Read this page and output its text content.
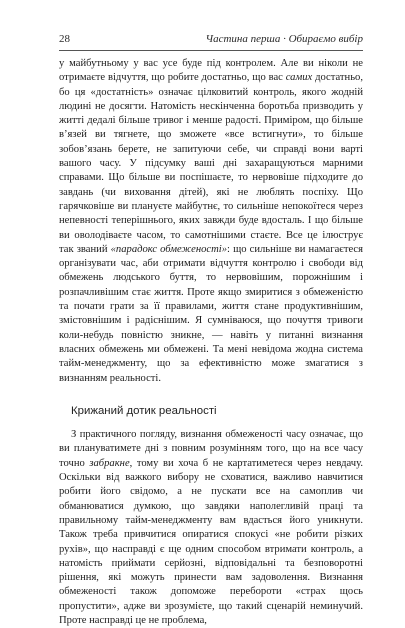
28	Частина перша · Обираємо вибір

у майбутньому у вас усе буде під контролем. Але ви ніколи не отримаєте відчуття, що робите достатньо, що вас самих достатньо, бо ця «достатність» означає цілковитий контроль, якого жодній людині не досягти. Натомість нескінченна боротьба призводить у житті дедалі більше тривог і менше радості. Приміром, що більше вʼязей ви тягнете, що зможете «все встигнути», то більше зобовʼязань берете, не запитуючи себе, чи справді вони варті вашого часу. У підсумку ваші дні захаращуються марними справами. Що більше ви поспішаєте, то нервовіше підходите до завдань (чи виховання дітей), які не люблять поспіху. Що гарячковіше ви плануєте майбутнє, то сильніше непокоїтеся через непевності теперішнього, яких завжди буде вдосталь. І що більше ви оволодіваєте часом, то самотнішими стаєте. Все це ілюструє так званий «парадокс обмеженості»: що сильніше ви намагаєтеся організувати час, аби отримати відчуття контролю і свободи від обмежень людського буття, то нервовішим, порожнішим і розпачливішим стає життя. Проте якщо змиритися з обмеженістю та почати грати за її правилами, життя стане продуктивнішим, змістовнішим і радіснішим. Я сумніваюся, що почуття тривоги коли-небудь повністю зникне, — навіть у питанні визнання власних обмежень ми обмежені. Та мені невідома жодна система тайм-менеджменту, що за ефективністю може змагатися з визнанням реальності.

Крижаний дотик реальності

З практичного погляду, визнання обмеженості часу означає, що ви плануватимете дні з повним розумінням того, що на все часу точно забракне, тому ви хоча б не картатиметеся через невдачу. Оскільки від важкого вибору не сховатися, важливо навчитися робити його свідомо, а не пускати все на самоплив чи обманюватися думкою, що завдяки наполегливій праці та правильному тайм-менеджменту вам вдасться його уникнути. Також треба привчитися опиратися спокусі «не робити різких рухів», що насправді є ще одним способом втримати контроль, а натомість приймати серйозні, відповідальні та безповоротні рішення, які можуть принести вам задоволення. Визнання обмеженості також допоможе перебороти «страх щось пропустити», адже ви зрозумієте, що такий сценарій неминучий. Проте насправді це не проблема,
